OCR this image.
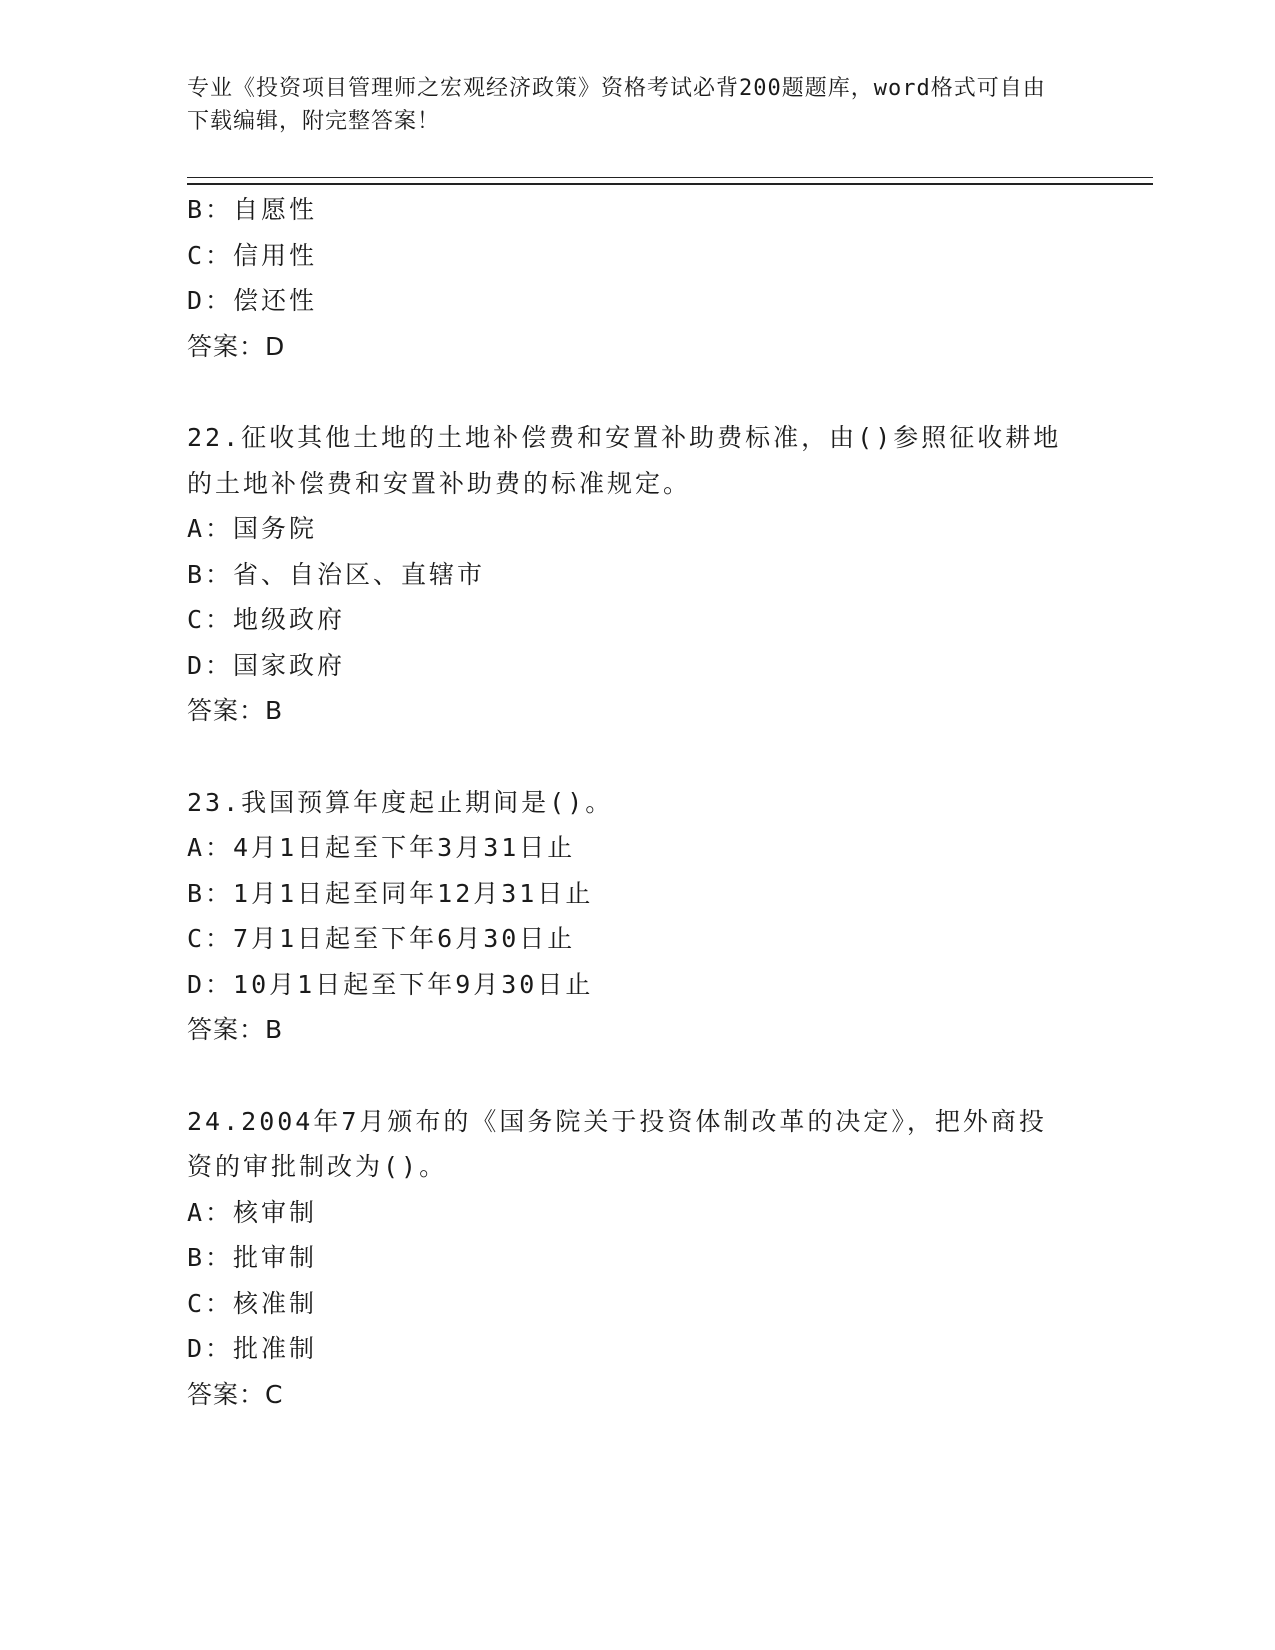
专业《投资项目管理师之宏观经济政策》资格考试必背200题题库，word格式可自由下载编辑，附完整答案！
B：自愿性
C：信用性
D：偿还性
答案：D
22.征收其他土地的土地补偿费和安置补助费标准，由()参照征收耕地
的土地补偿费和安置补助费的标准规定。
A：国务院
B：省、自治区、直辖市
C：地级政府
D：国家政府
答案：B
23.我国预算年度起止期间是()。
A：4月1日起至下年3月31日止
B：1月1日起至同年12月31日止
C：7月1日起至下年6月30日止
D：10月1日起至下年9月30日止
答案：B
24.2004年7月颁布的《国务院关于投资体制改革的决定》，把外商投
资的审批制改为()。
A：核审制
B：批审制
C：核准制
D：批准制
答案：C
